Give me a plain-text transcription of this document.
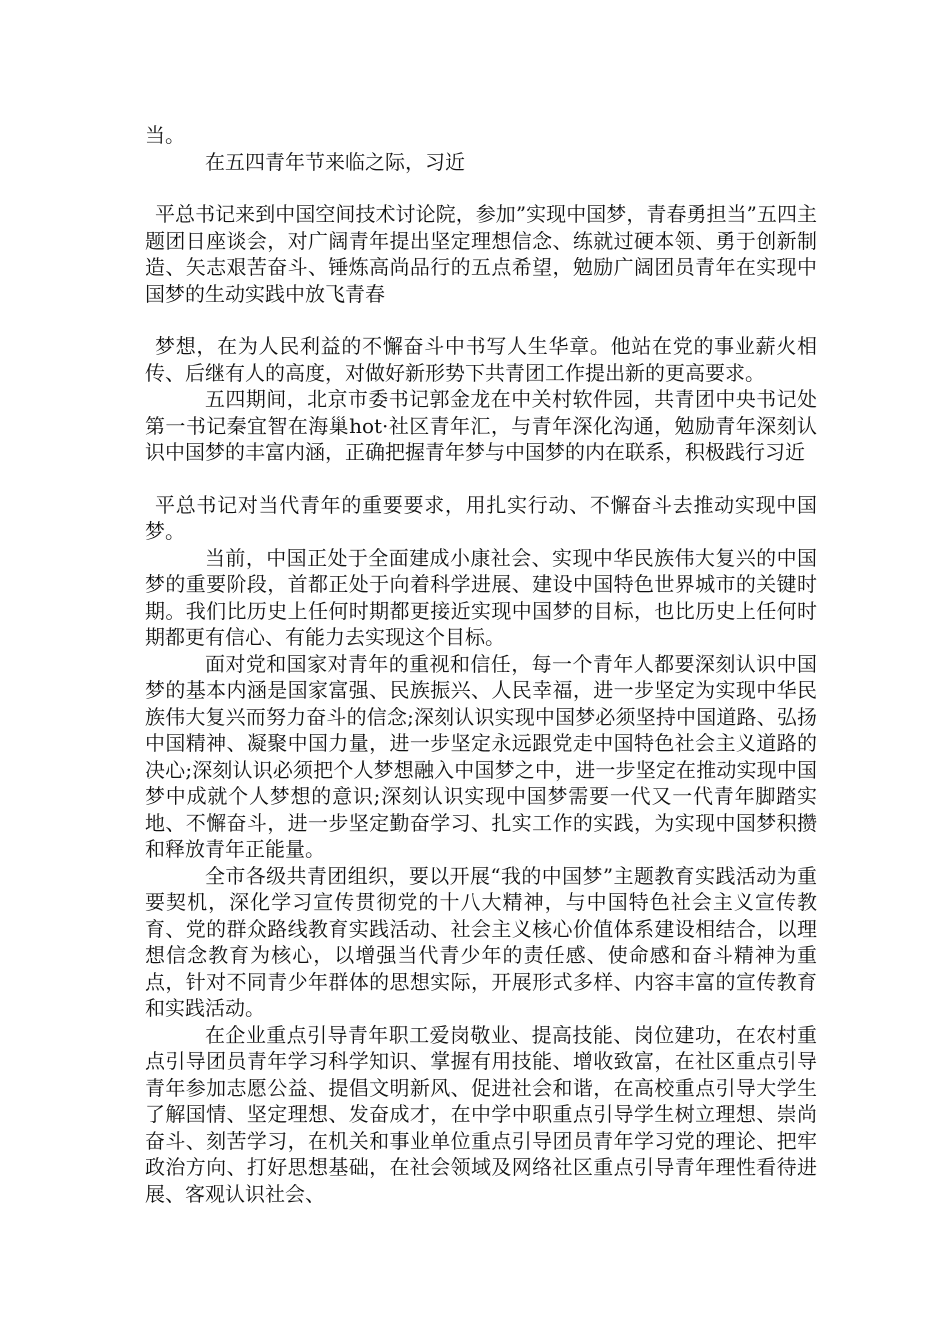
当。

在五四青年节来临之际，习近

平总书记来到中国空间技术讨论院，参加”实现中国梦，青春勇担当”五四主题团日座谈会，对广阔青年提出坚定理想信念、练就过硬本领、勇于创新制造、矢志艰苦奋斗、锤炼高尚品行的五点希望，勉励广阔团员青年在实现中国梦的生动实践中放飞青春

梦想，在为人民利益的不懈奋斗中书写人生华章。他站在党的事业薪火相传、后继有人的高度，对做好新形势下共青团工作提出新的更高要求。

五四期间，北京市委书记郭金龙在中关村软件园，共青团中央书记处第一书记秦宜智在海巢hot·社区青年汇，与青年深化沟通，勉励青年深刻认识中国梦的丰富内涵，正确把握青年梦与中国梦的内在联系，积极践行习近

平总书记对当代青年的重要要求，用扎实行动、不懈奋斗去推动实现中国梦。

当前，中国正处于全面建成小康社会、实现中华民族伟大复兴的中国梦的重要阶段，首都正处于向着科学进展、建设中国特色世界城市的关键时期。我们比历史上任何时期都更接近实现中国梦的目标，也比历史上任何时期都更有信心、有能力去实现这个目标。

面对党和国家对青年的重视和信任，每一个青年人都要深刻认识中国梦的基本内涵是国家富强、民族振兴、人民幸福，进一步坚定为实现中华民族伟大复兴而努力奋斗的信念;深刻认识实现中国梦必须坚持中国道路、弘扬中国精神、凝聚中国力量，进一步坚定永远跟党走中国特色社会主义道路的决心;深刻认识必须把个人梦想融入中国梦之中，进一步坚定在推动实现中国梦中成就个人梦想的意识;深刻认识实现中国梦需要一代又一代青年脚踏实地、不懈奋斗，进一步坚定勤奋学习、扎实工作的实践，为实现中国梦积攒和释放青年正能量。

全市各级共青团组织，要以开展“我的中国梦”主题教育实践活动为重要契机，深化学习宣传贯彻党的十八大精神，与中国特色社会主义宣传教育、党的群众路线教育实践活动、社会主义核心价值体系建设相结合，以理想信念教育为核心，以增强当代青少年的责任感、使命感和奋斗精神为重点，针对不同青少年群体的思想实际，开展形式多样、内容丰富的宣传教育和实践活动。

在企业重点引导青年职工爱岗敬业、提高技能、岗位建功，在农村重点引导团员青年学习科学知识、掌握有用技能、增收致富，在社区重点引导青年参加志愿公益、提倡文明新风、促进社会和谐，在高校重点引导大学生了解国情、坚定理想、发奋成才，在中学中职重点引导学生树立理想、崇尚奋斗、刻苦学习，在机关和事业单位重点引导团员青年学习党的理论、把牢政治方向、打好思想基础，在社会领域及网络社区重点引导青年理性看待进展、客观认识社会、
